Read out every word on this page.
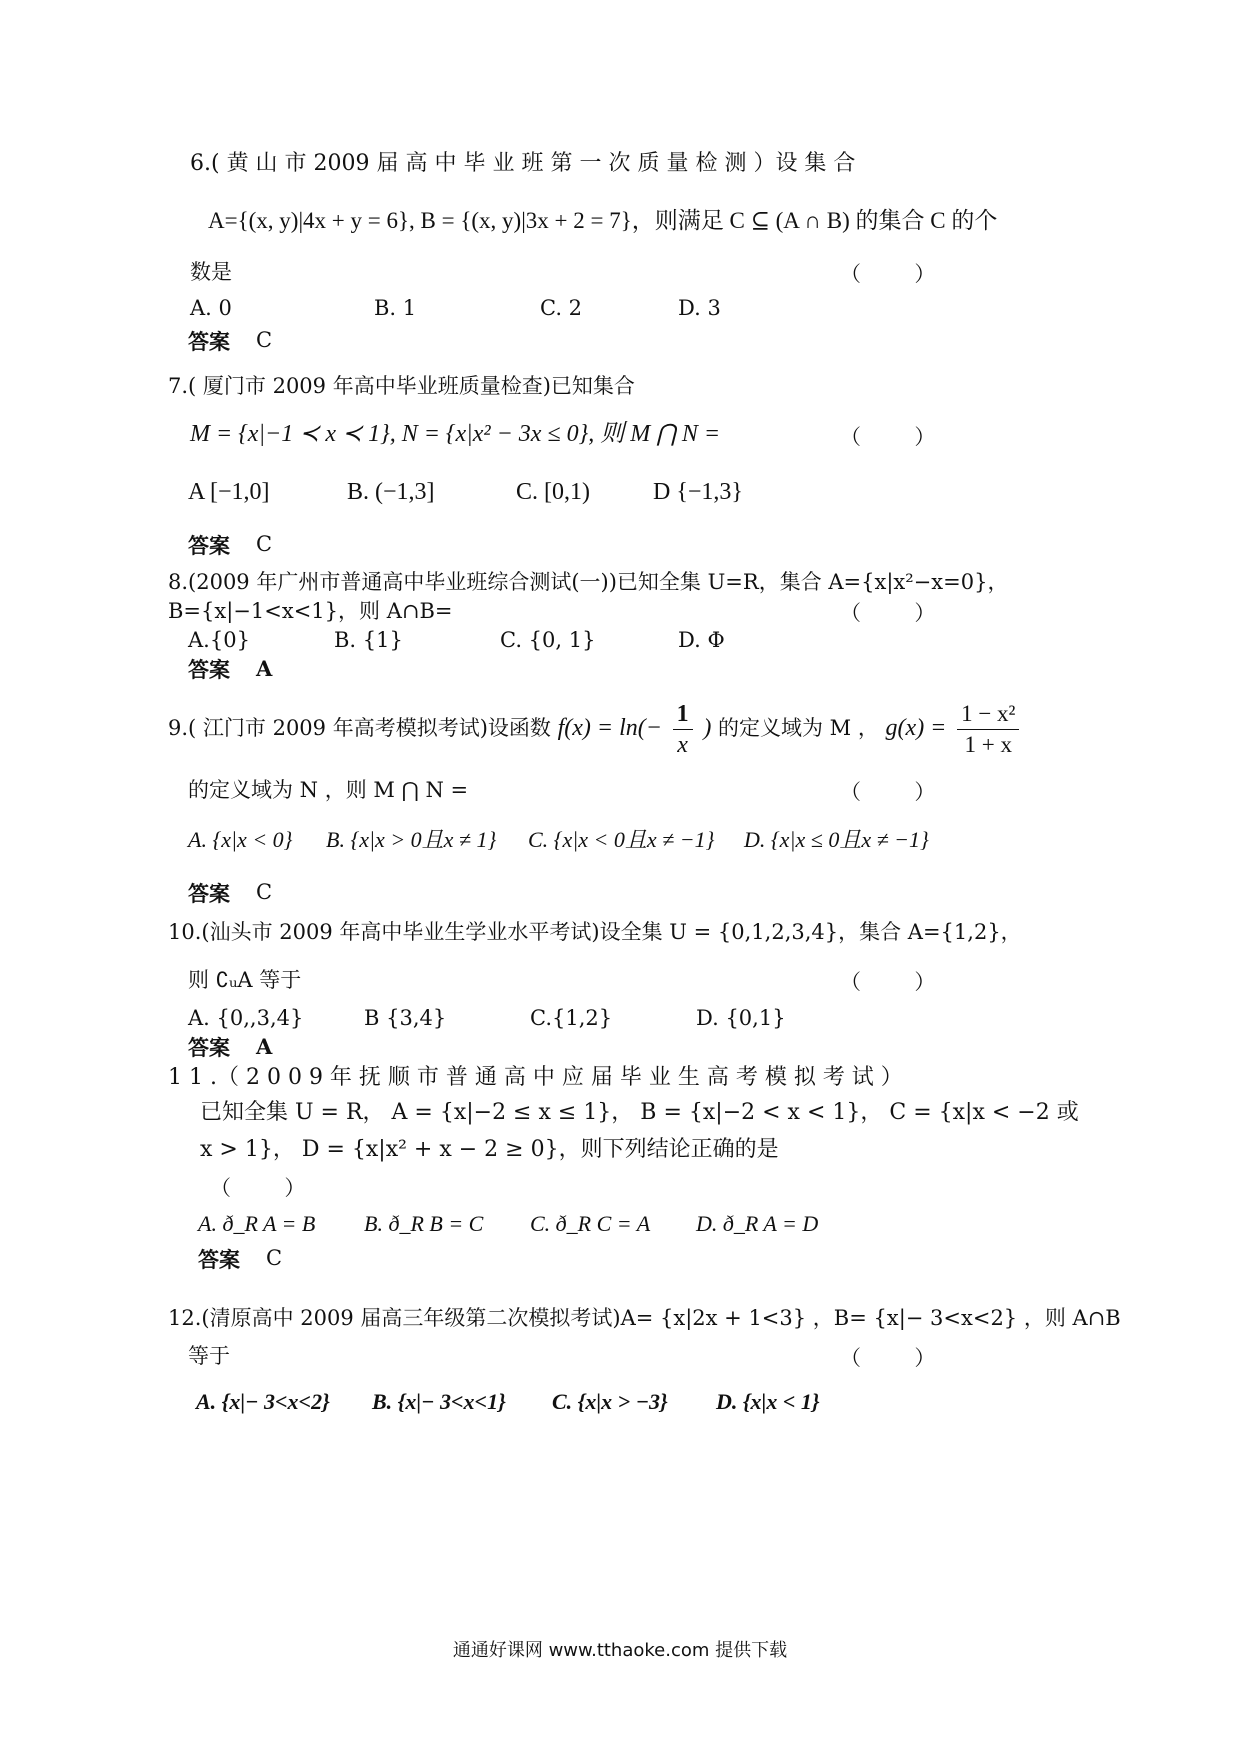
6.( 黄 山 市 2009 届 高 中 毕 业 班 第 一 次 质 量 检 测 ）设 集 合
A={(x, y)|4x + y = 6}, B = {(x, y)|3x + 2 = 7}，则满足 C ⊆ (A ∩ B) 的集合 C 的个
数是	（        ）
A. 0	B. 1	C. 2	D. 3
答案 C
7.( 厦门市 2009 年高中毕业班质量检查)已知集合
M = {x|−1 ≺ x ≺ 1}, N = {x|x² − 3x ≤ 0}, 则 M ⋂ N =	（        ）
A [−1,0]	B. (−1,3]	C. [0,1)	D {−1,3}
答案 C
8.(2009 年广州市普通高中毕业班综合测试(一))已知全集 U=R，集合 A={x|x²−x=0}，
B={x|−1<x<1}，则 A∩B=	（        ）
A.{0}	B. {1}	C. {0, 1}	D. Φ
答案 A
9.( 江门市 2009 年高考模拟考试)设函数 $f(x) = \ln(- \frac{1}{x}$ ) 的定义域为 M ， $g(x) = \frac{\text{1 − x²}}{1 + x}$
的定义域为 N ，则 M ⋂ N =	（        ）
A. {x|x < 0} B. {x|x > 0且x ≠ 1} C. {x|x < 0且x ≠ −1} D. {x|x ≤ 0且x ≠ −1}
答案 C
10.(汕头市 2009 年高中毕业生学业水平考试)设全集 U = {0,1,2,3,4}，集合 A={1,2}，
则 ∁ᵤA 等于	（        ）
A. {0,,3,4}	B {3,4}	C.{1,2}	D. {0,1}
答案 A
1 1 .（ 2 0 0 9 年 抚 顺 市 普 通 高 中 应 届 毕 业 生 高 考 模 拟 考 试 ）
已知全集 U = R， A = {x|−2 ≤ x ≤ 1}， B = {x|−2 < x < 1}， C = {x|x < −2 或
x > 1}， D = {x|x² + x − 2 ≥ 0}，则下列结论正确的是
（        ）
A. ð_R A = B B. ð_R B = C C. ð_R C = A D. ð_R A = D
答案 C
12.(清原高中 2009 届高三年级第二次模拟考试)A= {x|2x + 1<3} ，B= {x|− 3<x<2} ，则 A∩B
等于	（        ）
A. {x|− 3<x<2} B. {x|− 3<x<1} C. {x|x > −3} D. {x|x < 1}
通通好课网 www.tthaoke.com 提供下载
